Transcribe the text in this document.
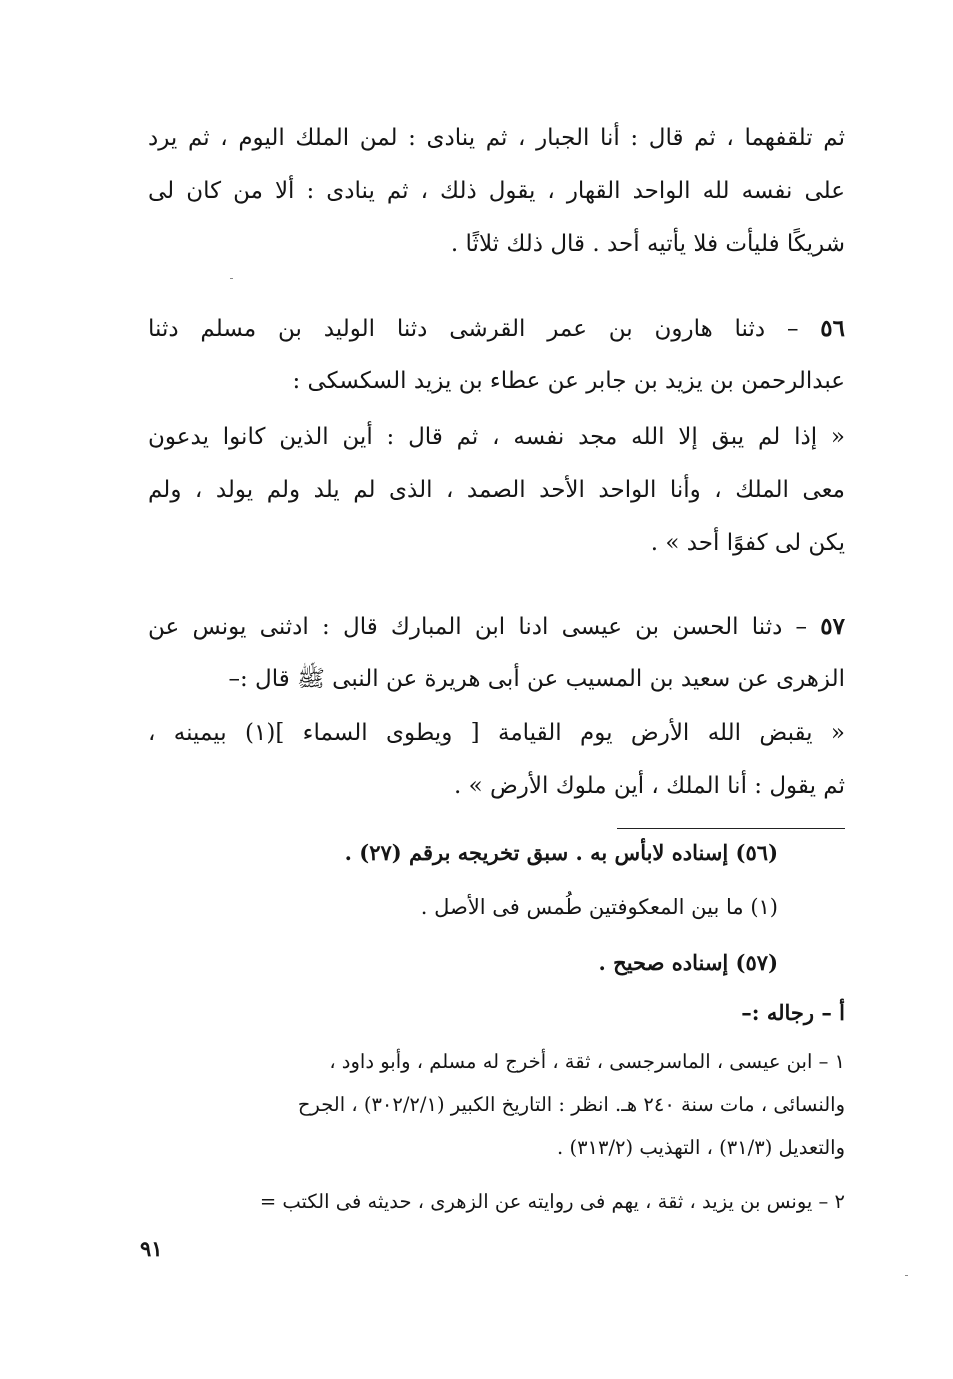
ثم تلقفهما ، ثم قال : أنا الجبار ، ثم ينادى : لمن الملك اليوم ، ثم يرد
على نفسه لله الواحد القهار ، يقول ذلك ، ثم ينادى : ألا من كان لى
شريكًا فليأت فلا يأتيه أحد . قال ذلك ثلاثًا .
٥٦ – دثنا هارون بن عمر القرشى دثنا الوليد بن مسلم دثنا
عبدالرحمن بن يزيد بن جابر عن عطاء بن يزيد السكسكى :
« إذا لم يبق إلا الله مجد نفسه ، ثم قال : أين الذين كانوا يدعون
معى الملك ، وأنا الواحد الأحد الصمد ، الذى لم يلد ولم يولد ، ولم
يكن لى كفوًا أحد » .
٥٧ – دثنا الحسن بن عيسى ادنا ابن المبارك قال : ادثنى يونس عن
الزهرى عن سعيد بن المسيب عن أبى هريرة عن النبى ﷺ قال :–
« يقبض الله الأرض يوم القيامة [ ويطوى السماء ](١) بيمينه ،
ثم يقول : أنا الملك ، أين ملوك الأرض » .
(٥٦) إسناده لابأس به . سبق تخريجه برقم (٢٧) .
(١) ما بين المعكوفتين طُمس فى الأصل .
(٥٧) إسناده صحيح .
أ – رجاله :–
١ – ابن عيسى ، الماسرجسى ، ثقة ، أخرج له مسلم ، وأبو داود ،
والنسائى ، مات سنة ٢٤٠ هـ. انظر : التاريخ الكبير (٣٠٢/٢/١) ، الجرح
والتعديل (٣١/٣) ، التهذيب (٣١٣/٢) .
٢ – يونس بن يزيد ، ثقة ، يهم فى روايته عن الزهرى ، حديثه فى الكتب =
٩١
